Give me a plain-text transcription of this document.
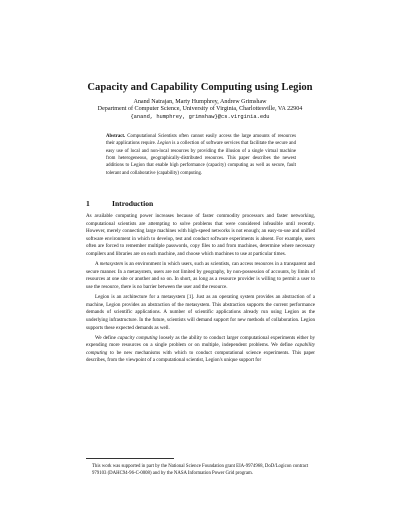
Capacity and Capability Computing using Legion
Anand Natrajan, Marty Humphrey, Andrew Grimshaw
Department of Computer Science, University of Virginia, Charlottesville, VA 22904
{anand, humphrey, grimshaw}@cs.virginia.edu
Abstract. Computational Scientists often cannot easily access the large amounts of resources their applications require. Legion is a collection of software services that facilitate the secure and easy use of local and non-local resources by providing the illusion of a single virtual machine from heterogeneous, geographically-distributed resources. This paper describes the newest additions to Legion that enable high performance (capacity) computing as well as secure, fault tolerant and collaborative (capability) computing.
1	Introduction

As available computing power increases because of faster commodity processors and faster networking, computational scientists are attempting to solve problems that were considered infeasible until recently. However, merely connecting large machines with high-speed networks is not enough; an easy-to-use and unified software environment in which to develop, test and conduct software experiments is absent. For example, users often are forced to remember multiple passwords, copy files to and from machines, determine where necessary compilers and libraries are on each machine, and choose which machines to use at particular times.

A metasystem is an environment in which users, such as scientists, can access resources in a transparent and secure manner. In a metasystem, users are not limited by geography, by non-possession of accounts, by limits of resources at one site or another and so on. In short, as long as a resource provider is willing to permit a user to use the resource, there is no barrier between the user and the resource.

Legion is an architecture for a metasystem [1]. Just as an operating system provides an abstraction of a machine, Legion provides an abstraction of the metasystem. This abstraction supports the current performance demands of scientific applications. A number of scientific applications already run using Legion as the underlying infrastructure. In the future, scientists will demand support for new methods of collaboration. Legion supports these expected demands as well.

We define capacity computing loosely as the ability to conduct larger computational experiments either by expending more resources on a single problem or on multiple, independent problems. We define capability computing to be new mechanisms with which to conduct computational science experiments. This paper describes, from the viewpoint of a computational scientist, Legion's unique support for

This work was supported in part by the National Science Foundation grant EIA-9974968, DoD/Logicon contract 979103 (DAHC94-96-C-0008) and by the NASA Information Power Grid program.
